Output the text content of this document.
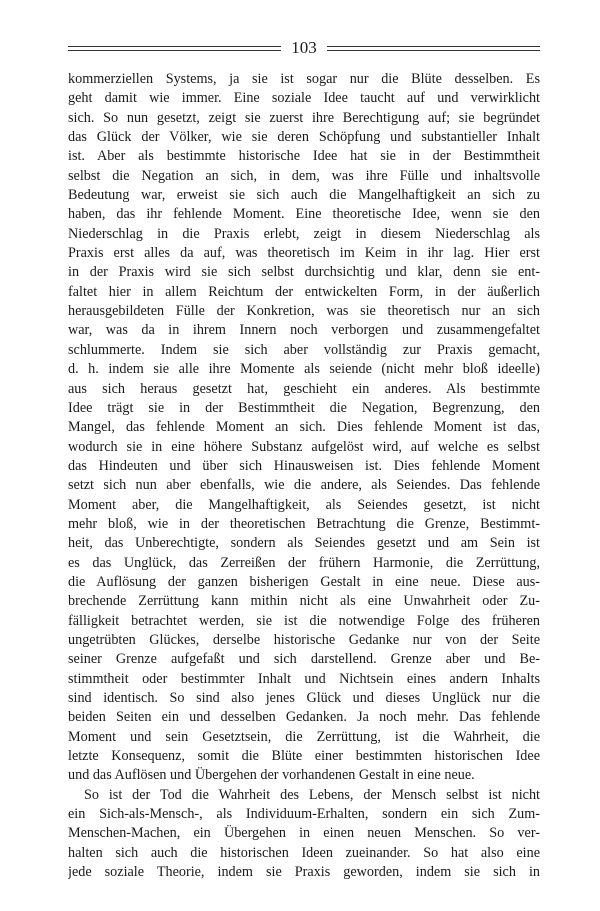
103
kommerziellen Systems, ja sie ist sogar nur die Blüte desselben. Es
geht damit wie immer. Eine soziale Idee taucht auf und verwirklicht
sich. So nun gesetzt, zeigt sie zuerst ihre Berechtigung auf; sie begründet
das Glück der Völker, wie sie deren Schöpfung und substantieller Inhalt
ist. Aber als bestimmte historische Idee hat sie in der Bestimmtheit
selbst die Negation an sich, in dem, was ihre Fülle und inhaltsvolle
Bedeutung war, erweist sie sich auch die Mangelhaftigkeit an sich zu
haben, das ihr fehlende Moment. Eine theoretische Idee, wenn sie den
Niederschlag in die Praxis erlebt, zeigt in diesem Niederschlag als
Praxis erst alles da auf, was theoretisch im Keim in ihr lag. Hier erst
in der Praxis wird sie sich selbst durchsichtig und klar, denn sie ent-
faltet hier in allem Reichtum der entwickelten Form, in der äußerlich
herausgebildeten Fülle der Konkretion, was sie theoretisch nur an sich
war, was da in ihrem Innern noch verborgen und zusammengefaltet
schlummerte. Indem sie sich aber vollständig zur Praxis gemacht,
d. h. indem sie alle ihre Momente als seiende (nicht mehr bloß ideelle)
aus sich heraus gesetzt hat, geschieht ein anderes. Als bestimmte
Idee trägt sie in der Bestimmtheit die Negation, Begrenzung, den
Mangel, das fehlende Moment an sich. Dies fehlende Moment ist das,
wodurch sie in eine höhere Substanz aufgelöst wird, auf welche es selbst
das Hindeuten und über sich Hinausweisen ist. Dies fehlende Moment
setzt sich nun aber ebenfalls, wie die andere, als Seiendes. Das fehlende
Moment aber, die Mangelhaftigkeit, als Seiendes gesetzt, ist nicht
mehr bloß, wie in der theoretischen Betrachtung die Grenze, Bestimmt-
heit, das Unberechtigte, sondern als Seiendes gesetzt und am Sein ist
es das Unglück, das Zerreißen der frühern Harmonie, die Zerrüttung,
die Auflösung der ganzen bisherigen Gestalt in eine neue. Diese aus-
brechende Zerrüttung kann mithin nicht als eine Unwahrheit oder Zu-
fälligkeit betrachtet werden, sie ist die notwendige Folge des früheren
ungetrübten Glückes, derselbe historische Gedanke nur von der Seite
seiner Grenze aufgefaßt und sich darstellend. Grenze aber und Be-
stimmtheit oder bestimmter Inhalt und Nichtsein eines andern Inhalts
sind identisch. So sind also jenes Glück und dieses Unglück nur die
beiden Seiten ein und desselben Gedanken. Ja noch mehr. Das fehlende
Moment und sein Gesetztsein, die Zerrüttung, ist die Wahrheit, die
letzte Konsequenz, somit die Blüte einer bestimmten historischen Idee
und das Auflösen und Übergehen der vorhandenen Gestalt in eine neue.
So ist der Tod die Wahrheit des Lebens, der Mensch selbst ist nicht
ein Sich-als-Mensch-, als Individuum-Erhalten, sondern ein sich Zum-
Menschen-Machen, ein Übergehen in einen neuen Menschen. So ver-
halten sich auch die historischen Ideen zueinander. So hat also eine
jede soziale Theorie, indem sie Praxis geworden, indem sie sich in
